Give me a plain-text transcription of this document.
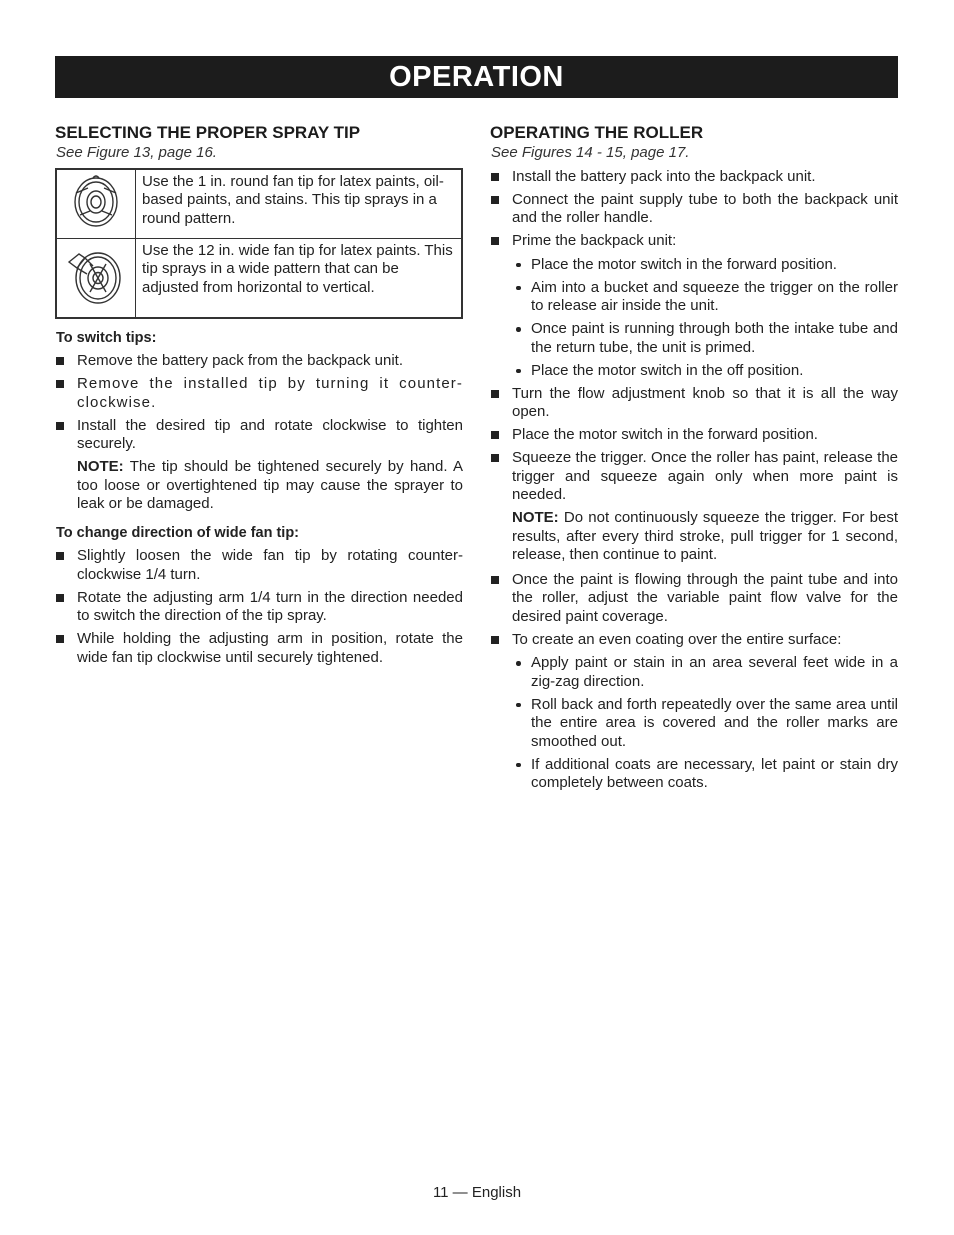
OPERATION
SELECTING THE PROPER SPRAY TIP
See Figure 13, page 16.
	Use the 1 in. round fan tip for latex paints, oil-based paints, and stains. This tip sprays in a round pattern.
	Use the 12 in. wide fan tip for latex paints. This tip sprays in a wide pattern that can be adjusted from horizontal to vertical.
To switch tips:
Remove the battery pack from the backpack unit.
Remove the installed tip by turning it counter-clockwise.
Install the desired tip and rotate clockwise to tighten securely.
NOTE: The tip should be tightened securely by hand. A too loose or overtightened tip may cause the sprayer to leak or be damaged.
To change direction of wide fan tip:
Slightly loosen the wide fan tip by rotating counter-clockwise 1/4 turn.
Rotate the adjusting arm 1/4 turn in the direction needed to switch the direction of the tip spray.
While holding the adjusting arm in position, rotate the wide fan tip clockwise until securely tightened.
OPERATING THE ROLLER
See Figures 14 - 15, page 17.
Install the battery pack into the backpack unit.
Connect the paint supply tube to both the backpack unit and the roller handle.
Prime the backpack unit:
Place the motor switch in the forward position.
Aim into a bucket and squeeze the trigger on the roller to release air inside the unit.
Once paint is running through both the intake tube and the return tube, the unit is primed.
Place the motor switch in the off position.
Turn the flow adjustment knob so that it is all the way open.
Place the motor switch in the forward position.
Squeeze the trigger. Once the roller has paint, release the trigger and squeeze again only when more paint is needed.
NOTE: Do not continuously squeeze the trigger. For best results, after every third stroke, pull trigger for 1 second, release, then continue to paint.
Once the paint is flowing through the paint tube and into the roller, adjust the variable paint flow valve for the desired paint coverage.
To create an even coating over the entire surface:
Apply paint or stain in an area several feet wide in a zig-zag direction.
Roll back and forth repeatedly over the same area until the entire area is covered and the roller marks are smoothed out.
If additional coats are necessary, let paint or stain dry completely between coats.
11 — English
